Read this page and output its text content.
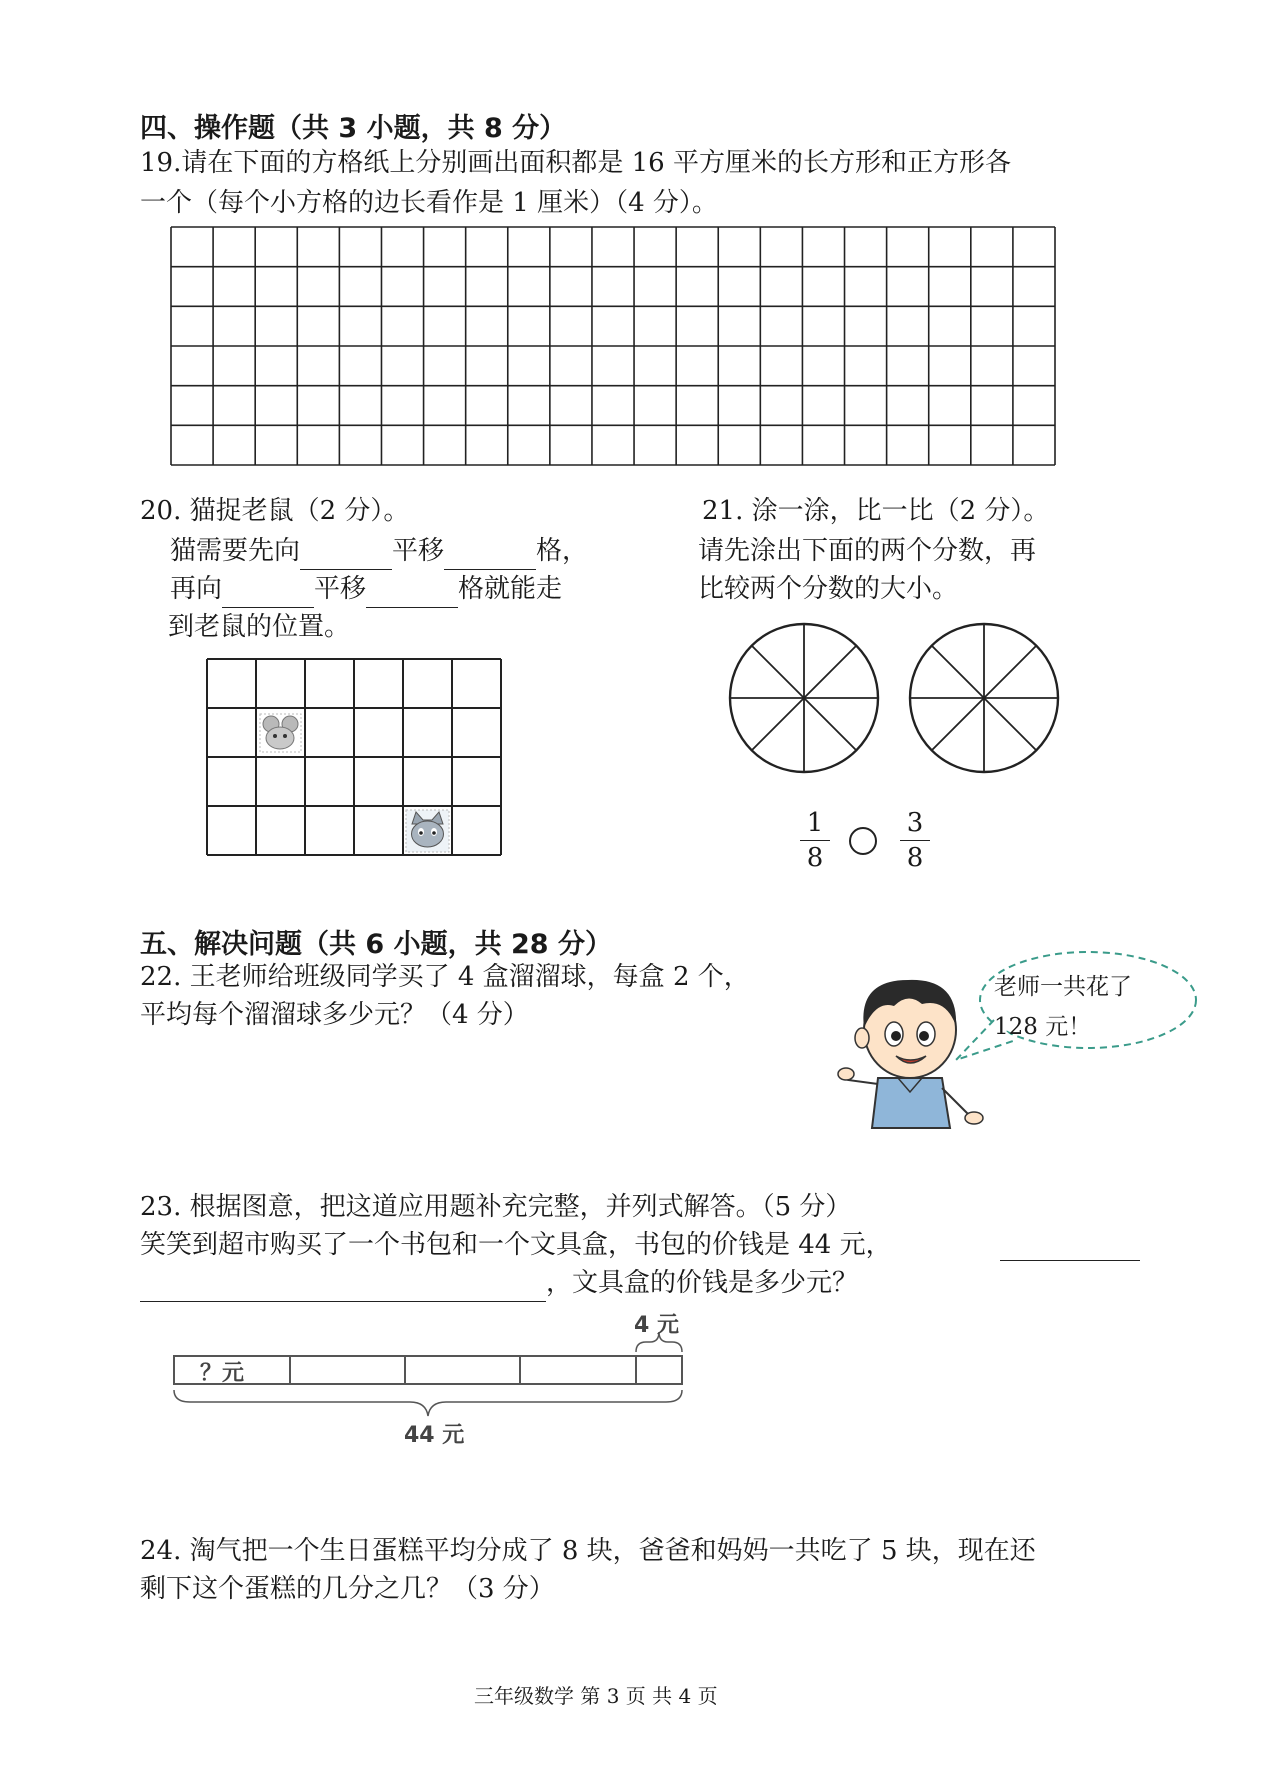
四、操作题（共 3 小题，共 8 分）
19.请在下面的方格纸上分别画出面积都是 16 平方厘米的长方形和正方形各
一个（每个小方格的边长看作是 1 厘米）（4 分）。
20. 猫捉老鼠（2 分）。
猫需要先向	平移	格，
再向	平移	格就能走
到老鼠的位置。
21. 涂一涂，比一比（2 分）。
请先涂出下面的两个分数，再
比较两个分数的大小。
1
8
3
8
五、解决问题（共 6 小题，共 28 分）
22. 王老师给班级同学买了 4 盒溜溜球，每盒 2 个，
平均每个溜溜球多少元？（4 分）
老师一共花了
128 元！
23. 根据图意，把这道应用题补充完整，并列式解答。（5 分）
笑笑到超市购买了一个书包和一个文具盒，书包的价钱是 44 元，
，文具盒的价钱是多少元？
？元
4 元
44 元
24. 淘气把一个生日蛋糕平均分成了 8 块，爸爸和妈妈一共吃了 5 块，现在还
剩下这个蛋糕的几分之几？（3 分）
三年级数学 第 3 页 共 4 页
